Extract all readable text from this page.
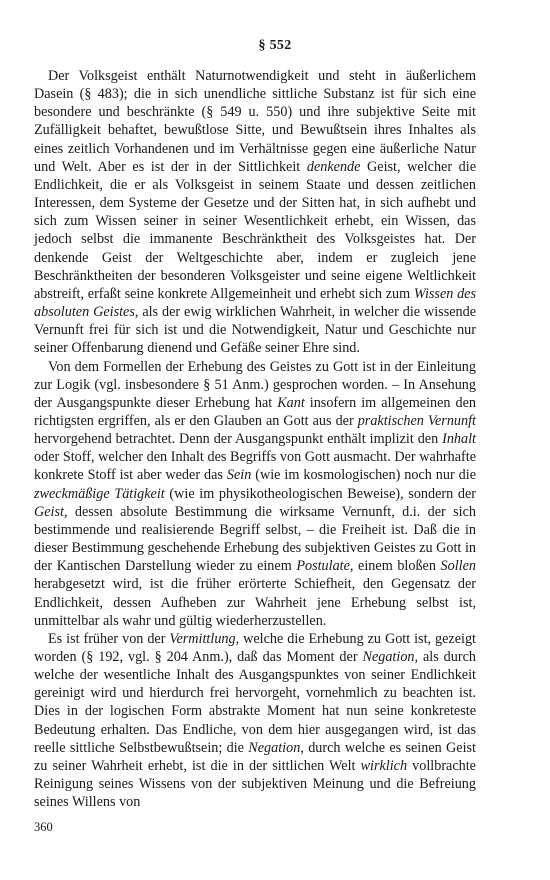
§ 552

Der Volksgeist enthält Naturnotwendigkeit und steht in äußerlichem Dasein (§ 483); die in sich unendliche sittliche Substanz ist für sich eine besondere und beschränkte (§ 549 u. 550) und ihre subjektive Seite mit Zufälligkeit behaftet, bewußtlose Sitte, und Bewußtsein ihres Inhaltes als eines zeitlich Vorhandenen und im Verhältnisse gegen eine äußerliche Natur und Welt. Aber es ist der in der Sittlichkeit denkende Geist, welcher die Endlichkeit, die er als Volksgeist in seinem Staate und dessen zeitlichen Interessen, dem Systeme der Gesetze und der Sitten hat, in sich aufhebt und sich zum Wissen seiner in seiner Wesentlichkeit erhebt, ein Wissen, das jedoch selbst die immanente Beschränktheit des Volksgeistes hat. Der denkende Geist der Weltgeschichte aber, indem er zugleich jene Beschränktheiten der besonderen Volksgeister und seine eigene Weltlichkeit abstreift, erfaßt seine konkrete Allgemeinheit und erhebt sich zum Wissen des absoluten Geistes, als der ewig wirklichen Wahrheit, in welcher die wissende Vernunft frei für sich ist und die Notwendigkeit, Natur und Geschichte nur seiner Offenbarung dienend und Gefäße seiner Ehre sind.

Von dem Formellen der Erhebung des Geistes zu Gott ist in der Einleitung zur Logik (vgl. insbesondere § 51 Anm.) gesprochen worden. – In Ansehung der Ausgangspunkte dieser Erhebung hat Kant insofern im allgemeinen den richtigsten ergriffen, als er den Glauben an Gott aus der praktischen Vernunft hervorgehend betrachtet. Denn der Ausgangspunkt enthält implizit den Inhalt oder Stoff, welcher den Inhalt des Begriffs von Gott ausmacht. Der wahrhafte konkrete Stoff ist aber weder das Sein (wie im kosmologischen) noch nur die zweckmäßige Tätigkeit (wie im physikotheologischen Beweise), sondern der Geist, dessen absolute Bestimmung die wirksame Vernunft, d.i. der sich bestimmende und realisierende Begriff selbst, – die Freiheit ist. Daß die in dieser Bestimmung geschehende Erhebung des subjektiven Geistes zu Gott in der Kantischen Darstellung wieder zu einem Postulate, einem bloßen Sollen herabgesetzt wird, ist die früher erörterte Schiefheit, den Gegensatz der Endlichkeit, dessen Aufheben zur Wahrheit jene Erhebung selbst ist, unmittelbar als wahr und gültig wiederherzustellen.

Es ist früher von der Vermittlung, welche die Erhebung zu Gott ist, gezeigt worden (§ 192, vgl. § 204 Anm.), daß das Moment der Negation, als durch welche der wesentliche Inhalt des Ausgangspunktes von seiner Endlichkeit gereinigt wird und hierdurch frei hervorgeht, vornehmlich zu beachten ist. Dies in der logischen Form abstrakte Moment hat nun seine konkreteste Bedeutung erhalten. Das Endliche, von dem hier ausgegangen wird, ist das reelle sittliche Selbstbewußtsein; die Negation, durch welche es seinen Geist zu seiner Wahrheit erhebt, ist die in der sittlichen Welt wirklich vollbrachte Reinigung seines Wissens von der subjektiven Meinung und die Befreiung seines Willens von

360
